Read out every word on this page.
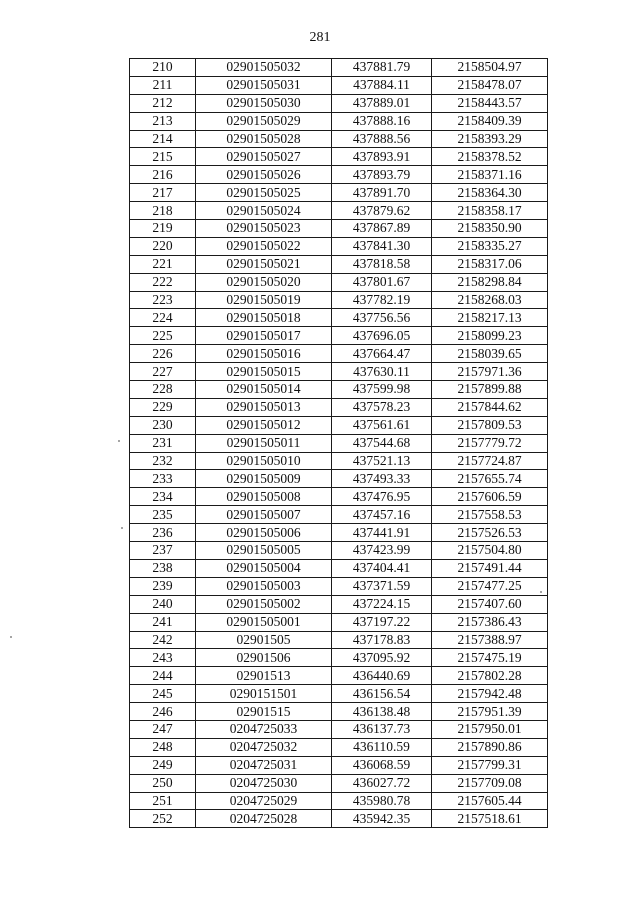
281
210	02901505032	437881.79	2158504.97
211	02901505031	437884.11	2158478.07
212	02901505030	437889.01	2158443.57
213	02901505029	437888.16	2158409.39
214	02901505028	437888.56	2158393.29
215	02901505027	437893.91	2158378.52
216	02901505026	437893.79	2158371.16
217	02901505025	437891.70	2158364.30
218	02901505024	437879.62	2158358.17
219	02901505023	437867.89	2158350.90
220	02901505022	437841.30	2158335.27
221	02901505021	437818.58	2158317.06
222	02901505020	437801.67	2158298.84
223	02901505019	437782.19	2158268.03
224	02901505018	437756.56	2158217.13
225	02901505017	437696.05	2158099.23
226	02901505016	437664.47	2158039.65
227	02901505015	437630.11	2157971.36
228	02901505014	437599.98	2157899.88
229	02901505013	437578.23	2157844.62
230	02901505012	437561.61	2157809.53
231	02901505011	437544.68	2157779.72
232	02901505010	437521.13	2157724.87
233	02901505009	437493.33	2157655.74
234	02901505008	437476.95	2157606.59
235	02901505007	437457.16	2157558.53
236	02901505006	437441.91	2157526.53
237	02901505005	437423.99	2157504.80
238	02901505004	437404.41	2157491.44
239	02901505003	437371.59	2157477.25
240	02901505002	437224.15	2157407.60
241	02901505001	437197.22	2157386.43
242	02901505	437178.83	2157388.97
243	02901506	437095.92	2157475.19
244	02901513	436440.69	2157802.28
245	0290151501	436156.54	2157942.48
246	02901515	436138.48	2157951.39
247	0204725033	436137.73	2157950.01
248	0204725032	436110.59	2157890.86
249	0204725031	436068.59	2157799.31
250	0204725030	436027.72	2157709.08
251	0204725029	435980.78	2157605.44
252	0204725028	435942.35	2157518.61
